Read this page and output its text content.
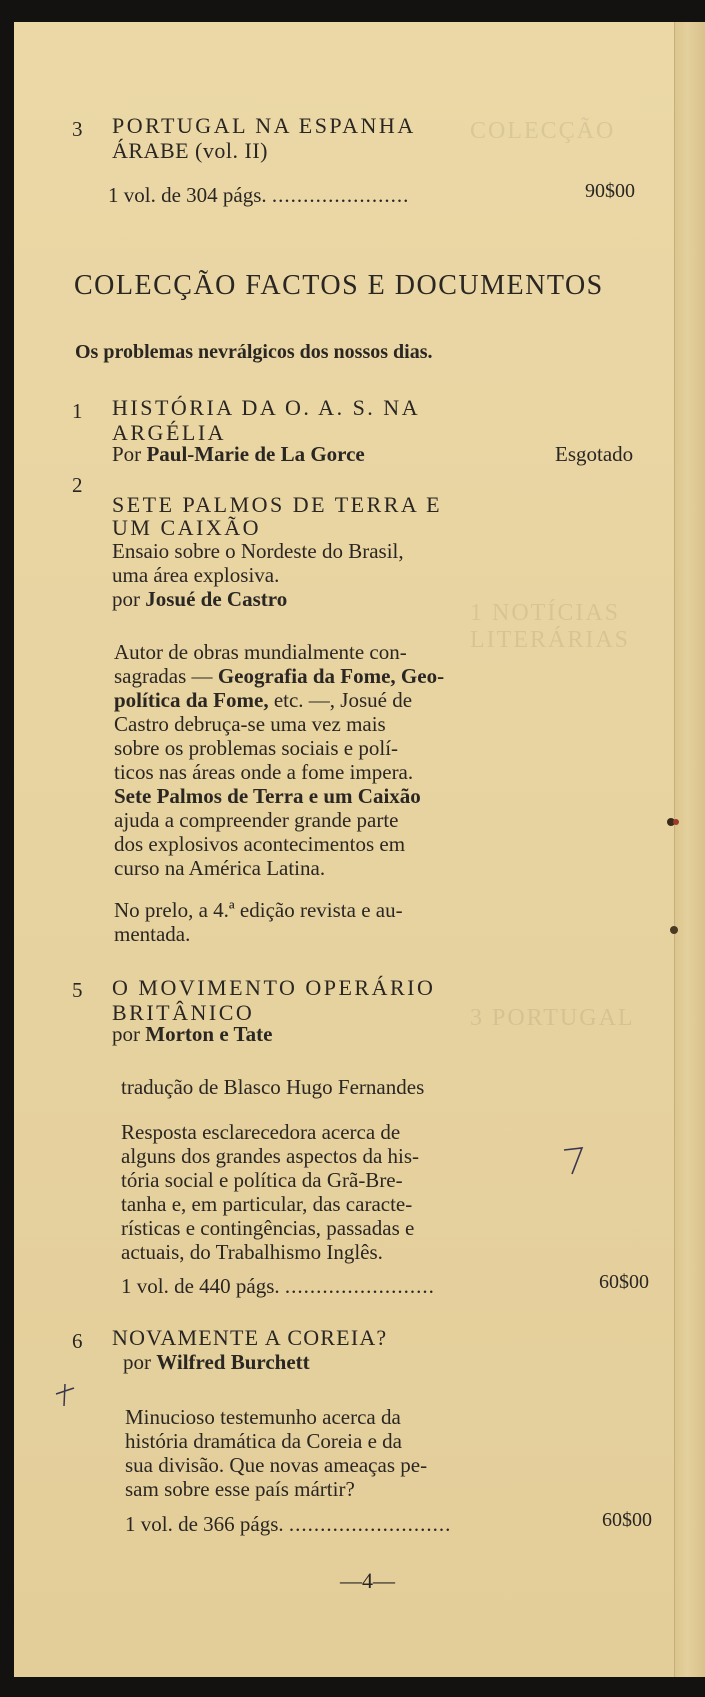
COLECÇÃO
1 NOTÍCIAS LITERÁRIAS
3 PORTUGAL
3 PORTUGAL NA ESPANHA
ÁRABE (vol. II)
1 vol. de 304 págs. ......................	90$00
COLECÇÃO FACTOS E DOCUMENTOS
Os problemas nevrálgicos dos nossos dias.
1 HISTÓRIA DA O. A. S. NA
ARGÉLIA
Por Paul-Marie de La Gorce	Esgotado
2
SETE PALMOS DE TERRA E
UM CAIXÃO
Ensaio sobre o Nordeste do Brasil,
uma área explosiva.
por Josué de Castro
Autor de obras mundialmente con-
sagradas — Geografia da Fome, Geo-
política da Fome, etc. —, Josué de
Castro debruça-se uma vez mais
sobre os problemas sociais e polí-
ticos nas áreas onde a fome impera.
Sete Palmos de Terra e um Caixão
ajuda a compreender grande parte
dos explosivos acontecimentos em
curso na América Latina.
No prelo, a 4.ª edição revista e au-
mentada.
5 O MOVIMENTO OPERÁRIO
BRITÂNICO
por Morton e Tate
tradução de Blasco Hugo Fernandes
Resposta esclarecedora acerca de
alguns dos grandes aspectos da his-
tória social e política da Grã-Bre-
tanha e, em particular, das caracte-
rísticas e contingências, passadas e
actuais, do Trabalhismo Inglês.
1 vol. de 440 págs. ........................	60$00
6 NOVAMENTE A COREIA?
por Wilfred Burchett
Minucioso testemunho acerca da
história dramática da Coreia e da
sua divisão. Que novas ameaças pe-
sam sobre esse país mártir?
1 vol. de 366 págs. ..........................	60$00
—4—
